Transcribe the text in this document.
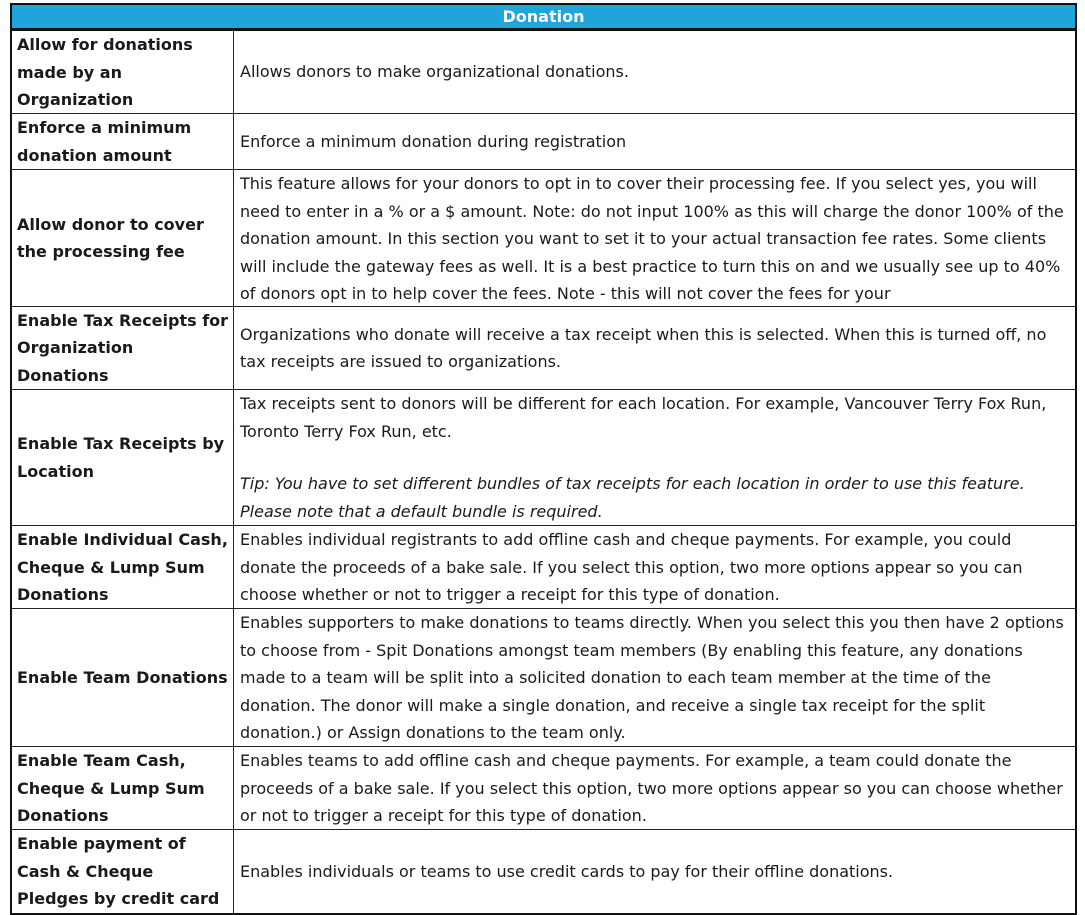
Donation
Allow for donations made by an Organization
Allows donors to make organizational donations.
Enforce a minimum donation amount
Enforce a minimum donation during registration
Allow donor to cover the processing fee
This feature allows for your donors to opt in to cover their processing fee. If you select yes, you will need to enter in a % or a $ amount. Note: do not input 100% as this will charge the donor 100% of the donation amount. In this section you want to set it to your actual transaction fee rates. Some clients will include the gateway fees as well. It is a best practice to turn this on and we usually see up to 40% of donors opt in to help cover the fees. Note - this will not cover the fees for your
Enable Tax Receipts for Organization Donations
Organizations who donate will receive a tax receipt when this is selected. When this is turned off, no tax receipts are issued to organizations.
Enable Tax Receipts by Location
Tax receipts sent to donors will be different for each location. For example, Vancouver Terry Fox Run, Toronto Terry Fox Run, etc.
Tip: You have to set different bundles of tax receipts for each location in order to use this feature. Please note that a default bundle is required.
Enable Individual Cash, Cheque & Lump Sum Donations
Enables individual registrants to add offline cash and cheque payments. For example, you could donate the proceeds of a bake sale. If you select this option, two more options appear so you can choose whether or not to trigger a receipt for this type of donation.
Enable Team Donations
Enables supporters to make donations to teams directly. When you select this you then have 2 options to choose from - Spit Donations amongst team members (By enabling this feature, any donations made to a team will be split into a solicited donation to each team member at the time of the donation. The donor will make a single donation, and receive a single tax receipt for the split donation.) or Assign donations to the team only.
Enable Team Cash, Cheque & Lump Sum Donations
Enables teams to add offline cash and cheque payments. For example, a team could donate the proceeds of a bake sale. If you select this option, two more options appear so you can choose whether or not to trigger a receipt for this type of donation.
Enable payment of Cash & Cheque Pledges by credit card
Enables individuals or teams to use credit cards to pay for their offline donations.
